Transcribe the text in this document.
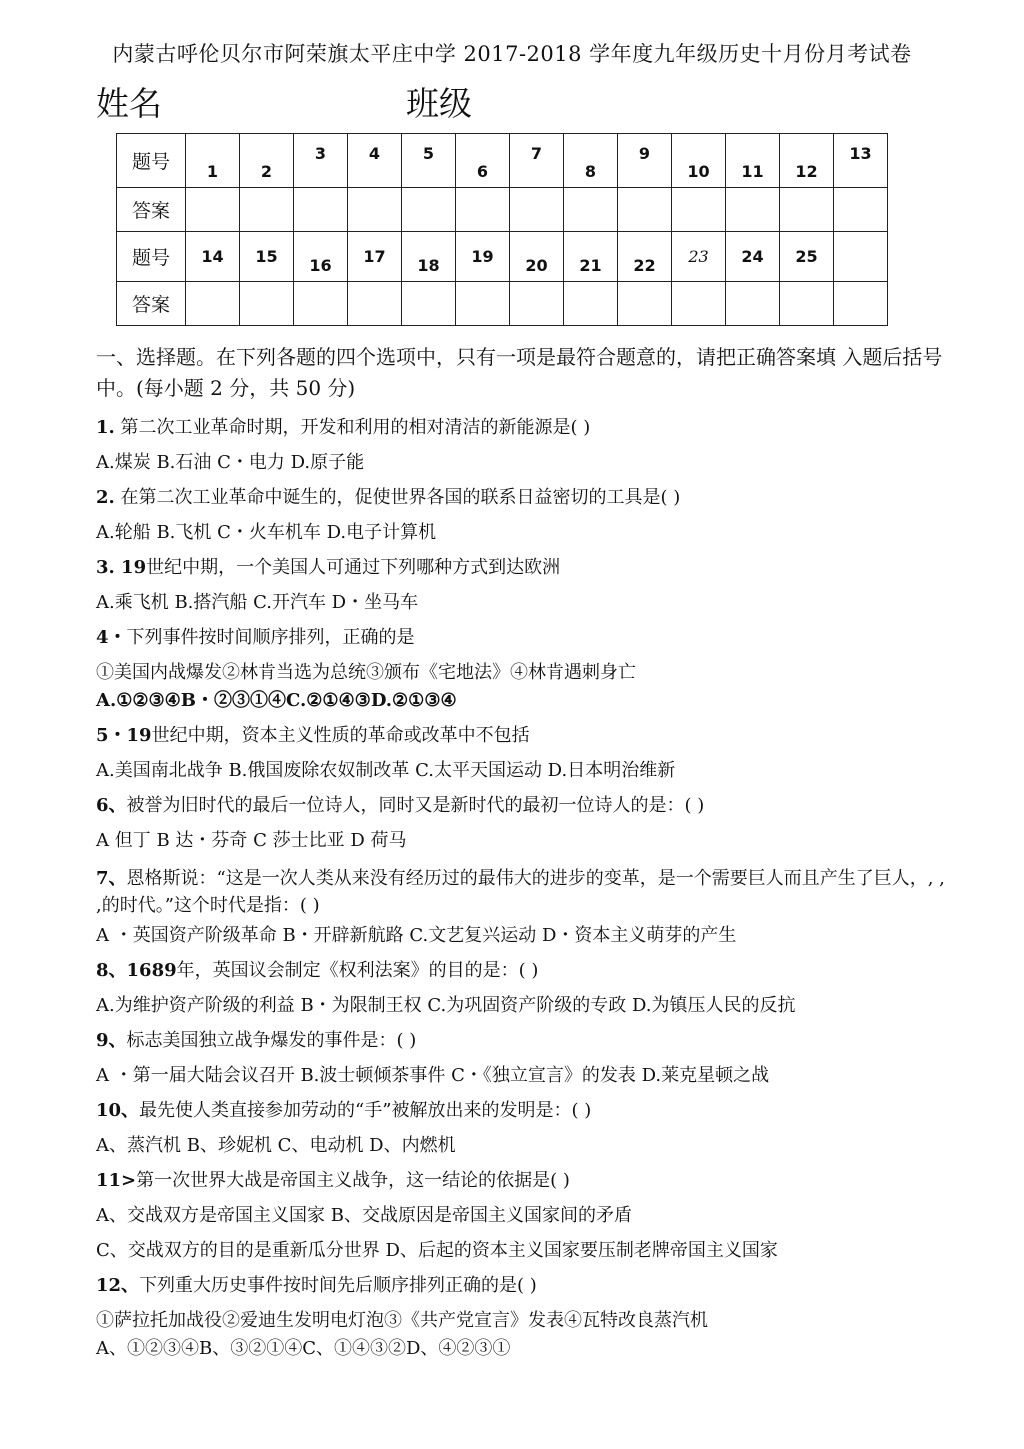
内蒙古呼伦贝尔市阿荣旗太平庄中学 2017-2018 学年度九年级历史十月份月考试卷
姓名	班级
题号	1	2	3	4	5	6	7	8	9	10	11	12	13
答案													
题号	14	15	16	17	18	19	20	21	22	23	24	25	
答案													
一、选择题。在下列各题的四个选项中，只有一项是最符合题意的，请把正确答案填 入题后括号中。(每小题 2 分，共 50 分)
1. 第二次工业革命时期，开发和利用的相对清洁的新能源是( )
A.煤炭 B.石油 C・电力 D.原子能
2. 在第二次工业革命中诞生的，促使世界各国的联系日益密切的工具是( )
A.轮船 B.飞机 C・火车机车 D.电子计算机
3. 19世纪中期，一个美国人可通过下列哪种方式到达欧洲
A.乘飞机 B.搭汽船 C.开汽车 D・坐马车
4・下列事件按时间顺序排列，正确的是
①美国内战爆发②林肯当选为总统③颁布《宅地法》④林肯遇刺身亡
A.①②③④B・②③①④C.②①④③D.②①③④
5・19世纪中期，资本主义性质的革命或改革中不包括
A.美国南北战争 B.俄国废除农奴制改革 C.太平天国运动 D.日本明治维新
6、被誉为旧时代的最后一位诗人，同时又是新时代的最初一位诗人的是：( )
A 但丁 B 达・芬奇 C 莎士比亚 D 荷马
7、恩格斯说：“这是一次人类从来没有经历过的最伟大的进步的变革，是一个需要巨人而且产生了巨人，, , ,的时代。”这个时代是指：( )
A ・英国资产阶级革命 B・开辟新航路 C.文艺复兴运动 D・资本主义萌芽的产生
8、1689年，英国议会制定《权利法案》的目的是：( )
A.为维护资产阶级的利益 B・为限制王权 C.为巩固资产阶级的专政 D.为镇压人民的反抗
9、标志美国独立战争爆发的事件是：( )
A ・第一届大陆会议召开 B.波士顿倾茶事件 C・《独立宣言》的发表 D.莱克星顿之战
10、最先使人类直接参加劳动的“手”被解放出来的发明是：( )
A、蒸汽机 B、珍妮机 C、电动机 D、内燃机
11>第一次世界大战是帝国主义战争，这一结论的依据是( )
A、交战双方是帝国主义国家 B、交战原因是帝国主义国家间的矛盾
C、交战双方的目的是重新瓜分世界 D、后起的资本主义国家要压制老牌帝国主义国家
12、下列重大历史事件按时间先后顺序排列正确的是( )
①萨拉托加战役②爱迪生发明电灯泡③《共产党宣言》发表④瓦特改良蒸汽机
A、①②③④B、③②①④C、①④③②D、④②③①
